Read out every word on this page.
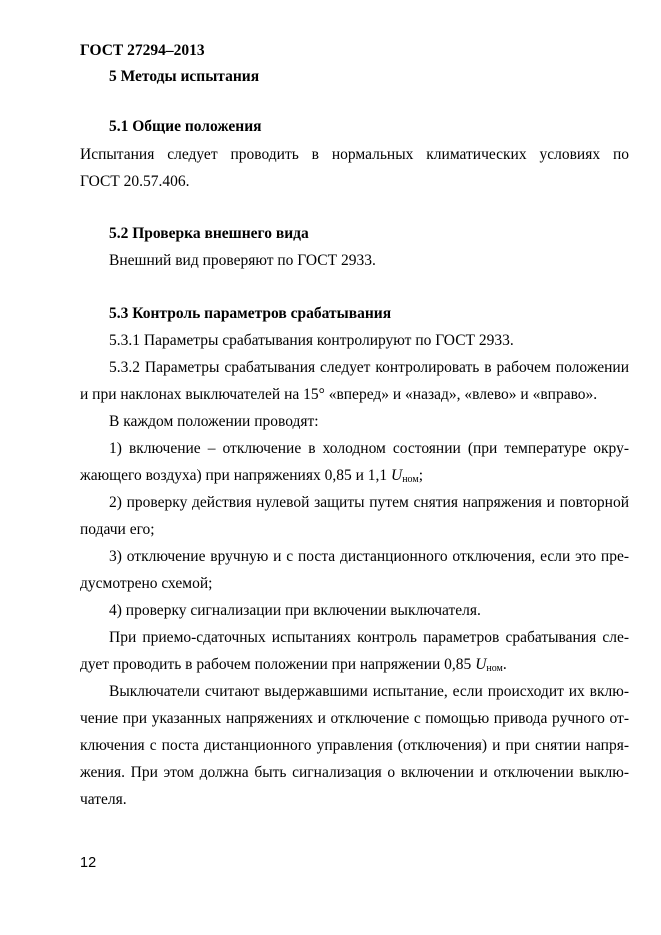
ГОСТ 27294–2013

5 Методы испытания

5.1 Общие положения

Испытания следует проводить в нормальных климатических условиях по

ГОСТ 20.57.406.

5.2 Проверка внешнего вида

Внешний вид проверяют по ГОСТ 2933.

5.3 Контроль параметров срабатывания

5.3.1 Параметры срабатывания контролируют по ГОСТ 2933.

5.3.2 Параметры срабатывания следует контролировать в рабочем положении

и при наклонах выключателей на 15° «вперед» и «назад», «влево» и «вправо».

В каждом положении проводят:

1) включение – отключение в холодном состоянии (при температуре окру-

жающего воздуха) при напряжениях 0,85 и 1,1 $U_{ном}$;

2) проверку действия нулевой защиты путем снятия напряжения и повторной

подачи его;

3) отключение вручную и с поста дистанционного отключения, если это пре-

дусмотрено схемой;

4) проверку сигнализации при включении выключателя.

При приемо-сдаточных испытаниях контроль параметров срабатывания сле-

дует проводить в рабочем положении при напряжении 0,85 $U_{ном}$.

Выключатели считают выдержавшими испытание, если происходит их вклю-

чение при указанных напряжениях и отключение с помощью привода ручного от-

ключения с поста дистанционного управления (отключения) и при снятии напря-

жения. При этом должна быть сигнализация о включении и отключении выклю-

чателя.

12
